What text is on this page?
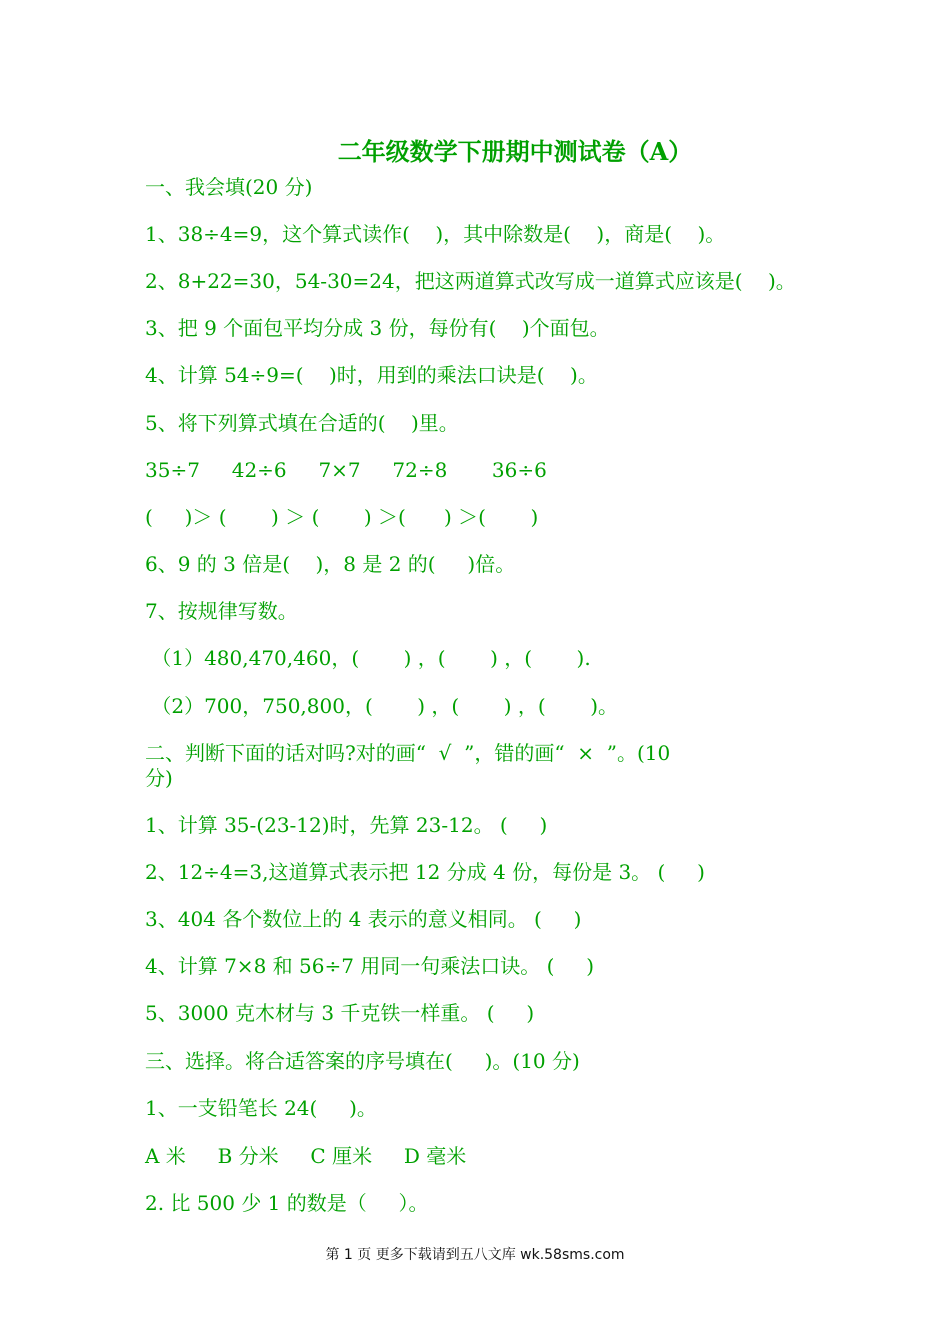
二年级数学下册期中测试卷（A）
一、我会填(20 分)
1、38÷4=9，这个算式读作(    )，其中除数是(    )，商是(    )。
2、8+22=30，54-30=24，把这两道算式改写成一道算式应该是(    )。
3、把 9 个面包平均分成 3 份，每份有(    )个面包。
4、计算 54÷9=(    )时，用到的乘法口诀是(    )。
5、将下列算式填在合适的(    )里。
35÷7     42÷6     7×7     72÷8       36÷6
(     )＞ (       ) ＞ (       ) ＞(      ) ＞(       )
6、9 的 3 倍是(    )，8 是 2 的(     )倍。
7、按规律写数。
（1）480,470,460，(       ) ，(       ) ，(       ).
（2）700，750,800，(       ) ，(       ) ，(       )。
二、判断下面的话对吗?对的画“  √  ”，错的画“  ×  ”。(10
分)
1、计算 35-(23-12)时，先算 23-12。 (     )
2、12÷4=3,这道算式表示把 12 分成 4 份，每份是 3。 (     )
3、404 各个数位上的 4 表示的意义相同。 (     )
4、计算 7×8 和 56÷7 用同一句乘法口诀。 (     )
5、3000 克木材与 3 千克铁一样重。 (     )
三、选择。将合适答案的序号填在(     )。(10 分)
1、一支铅笔长 24(     )。
A 米     B 分米     C 厘米     D 毫米
2. 比 500 少 1 的数是（     ）。
第 1 页 更多下载请到五八文库 wk.58sms.com
